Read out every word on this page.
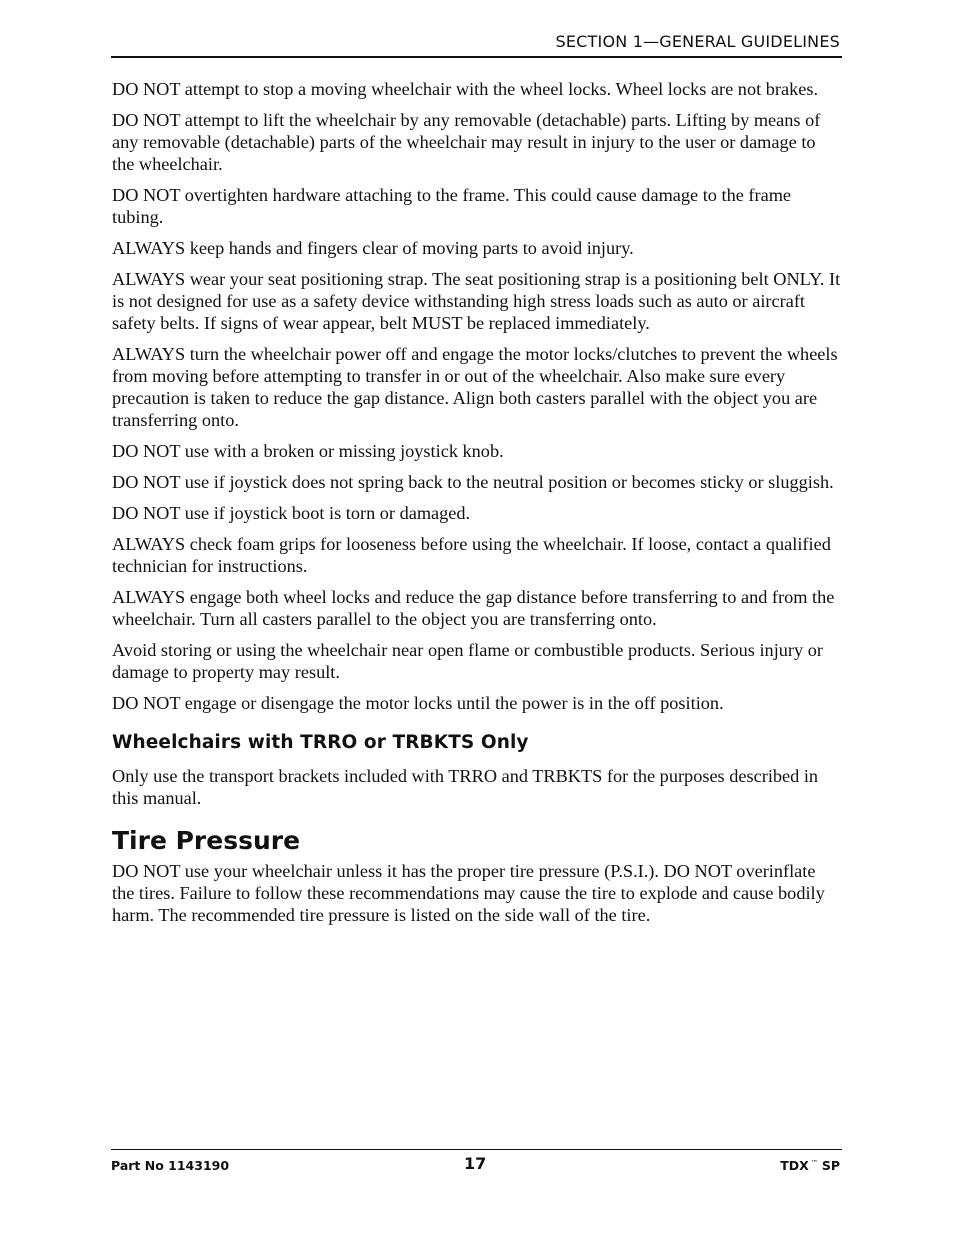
SECTION 1—GENERAL GUIDELINES

DO NOT attempt to stop a moving wheelchair with the wheel locks. Wheel locks are not brakes.

DO NOT attempt to lift the wheelchair by any removable (detachable) parts. Lifting by means of any removable (detachable) parts of the wheelchair may result in injury to the user or damage to the wheelchair.

DO NOT overtighten hardware attaching to the frame. This could cause damage to the frame tubing.

ALWAYS keep hands and fingers clear of moving parts to avoid injury.

ALWAYS wear your seat positioning strap. The seat positioning strap is a positioning belt ONLY. It is not designed for use as a safety device withstanding high stress loads such as auto or aircraft safety belts. If signs of wear appear, belt MUST be replaced immediately.

ALWAYS turn the wheelchair power off and engage the motor locks/clutches to prevent the wheels from moving before attempting to transfer in or out of the wheelchair. Also make sure every precaution is taken to reduce the gap distance. Align both casters parallel with the object you are transferring onto.

DO NOT use with a broken or missing joystick knob.

DO NOT use if joystick does not spring back to the neutral position or becomes sticky or sluggish.

DO NOT use if joystick boot is torn or damaged.

ALWAYS check foam grips for looseness before using the wheelchair. If loose, contact a qualified technician for instructions.

ALWAYS engage both wheel locks and reduce the gap distance before transferring to and from the wheelchair. Turn all casters parallel to the object you are transferring onto.

Avoid storing or using the wheelchair near open flame or combustible products. Serious injury or damage to property may result.

DO NOT engage or disengage the motor locks until the power is in the off position.

Wheelchairs with TRRO or TRBKTS Only

Only use the transport brackets included with TRRO and TRBKTS for the purposes described in this manual.

Tire Pressure

DO NOT use your wheelchair unless it has the proper tire pressure (P.S.I.). DO NOT overinflate the tires. Failure to follow these recommendations may cause the tire to explode and cause bodily harm. The recommended tire pressure is listed on the side wall of the tire.

Part No 1143190	17	TDX ™ SP
